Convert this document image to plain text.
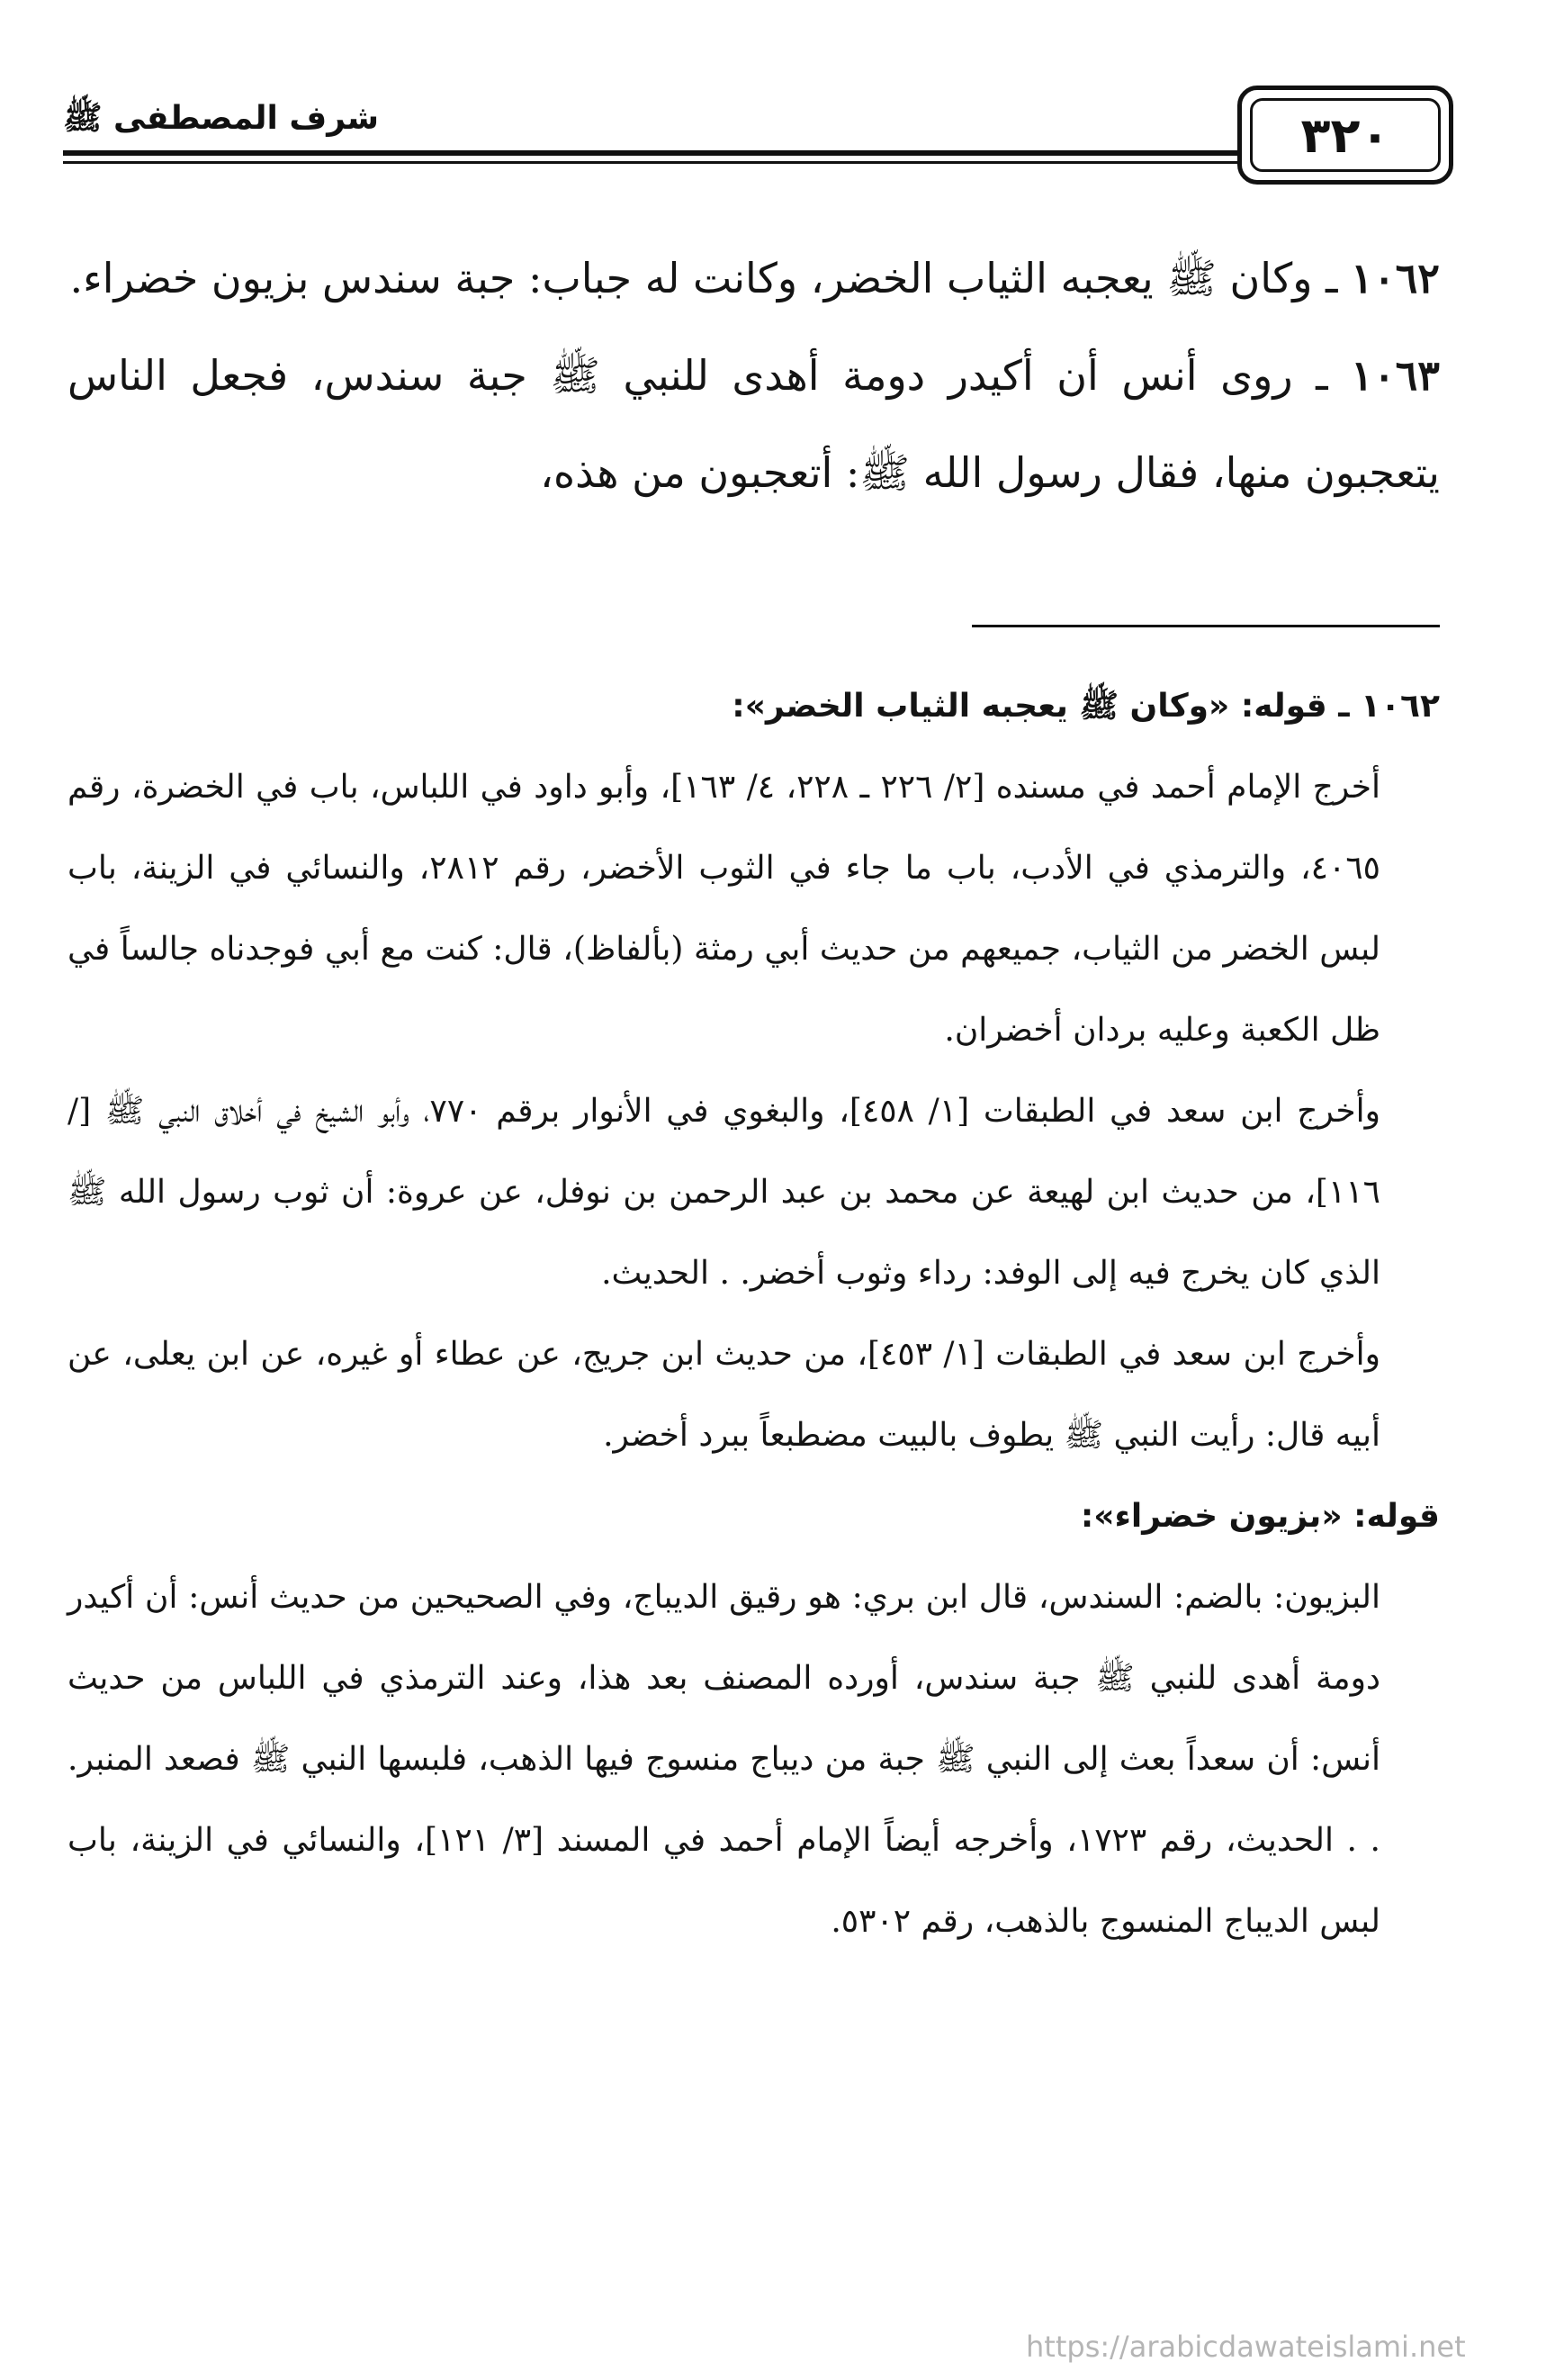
شرف المصطفى ﷺ	٣٢٠

١٠٦٢ ـ وكان ﷺ يعجبه الثياب الخضر، وكانت له جباب: جبة سندس بزيون خضراء.

١٠٦٣ ـ روى أنس أن أكيدر دومة أهدى للنبي ﷺ جبة سندس، فجعل الناس يتعجبون منها، فقال رسول الله ﷺ: أتعجبون من هذه،

١٠٦٢ ـ قوله: «وكان ﷺ يعجبه الثياب الخضر»:

أخرج الإمام أحمد في مسنده [٢/ ٢٢٦ ـ ٢٢٨، ٤/ ١٦٣]، وأبو داود في اللباس، باب في الخضرة، رقم ٤٠٦٥، والترمذي في الأدب، باب ما جاء في الثوب الأخضر، رقم ٢٨١٢، والنسائي في الزينة، باب لبس الخضر من الثياب، جميعهم من حديث أبي رمثة (بألفاظ)، قال: كنت مع أبي فوجدناه جالساً في ظل الكعبة وعليه بردان أخضران.

وأخرج ابن سعد في الطبقات [١/ ٤٥٨]، والبغوي في الأنوار برقم ٧٧٠، وأبو الشيخ في أخلاق النبي ﷺ [/ ١١٦]، من حديث ابن لهيعة عن محمد بن عبد الرحمن بن نوفل، عن عروة: أن ثوب رسول الله ﷺ الذي كان يخرج فيه إلى الوفد: رداء وثوب أخضر. . الحديث.

وأخرج ابن سعد في الطبقات [١/ ٤٥٣]، من حديث ابن جريج، عن عطاء أو غيره، عن ابن يعلى، عن أبيه قال: رأيت النبي ﷺ يطوف بالبيت مضطبعاً ببرد أخضر.

قوله: «بزيون خضراء»:

البزيون: بالضم: السندس، قال ابن بري: هو رقيق الديباج، وفي الصحيحين من حديث أنس: أن أكيدر دومة أهدى للنبي ﷺ جبة سندس، أورده المصنف بعد هذا، وعند الترمذي في اللباس من حديث أنس: أن سعداً بعث إلى النبي ﷺ جبة من ديباج منسوج فيها الذهب، فلبسها النبي ﷺ فصعد المنبر. . . الحديث، رقم ١٧٢٣، وأخرجه أيضاً الإمام أحمد في المسند [٣/ ١٢١]، والنسائي في الزينة، باب لبس الديباج المنسوج بالذهب، رقم ٥٣٠٢.

https://arabicdawateislami.net
